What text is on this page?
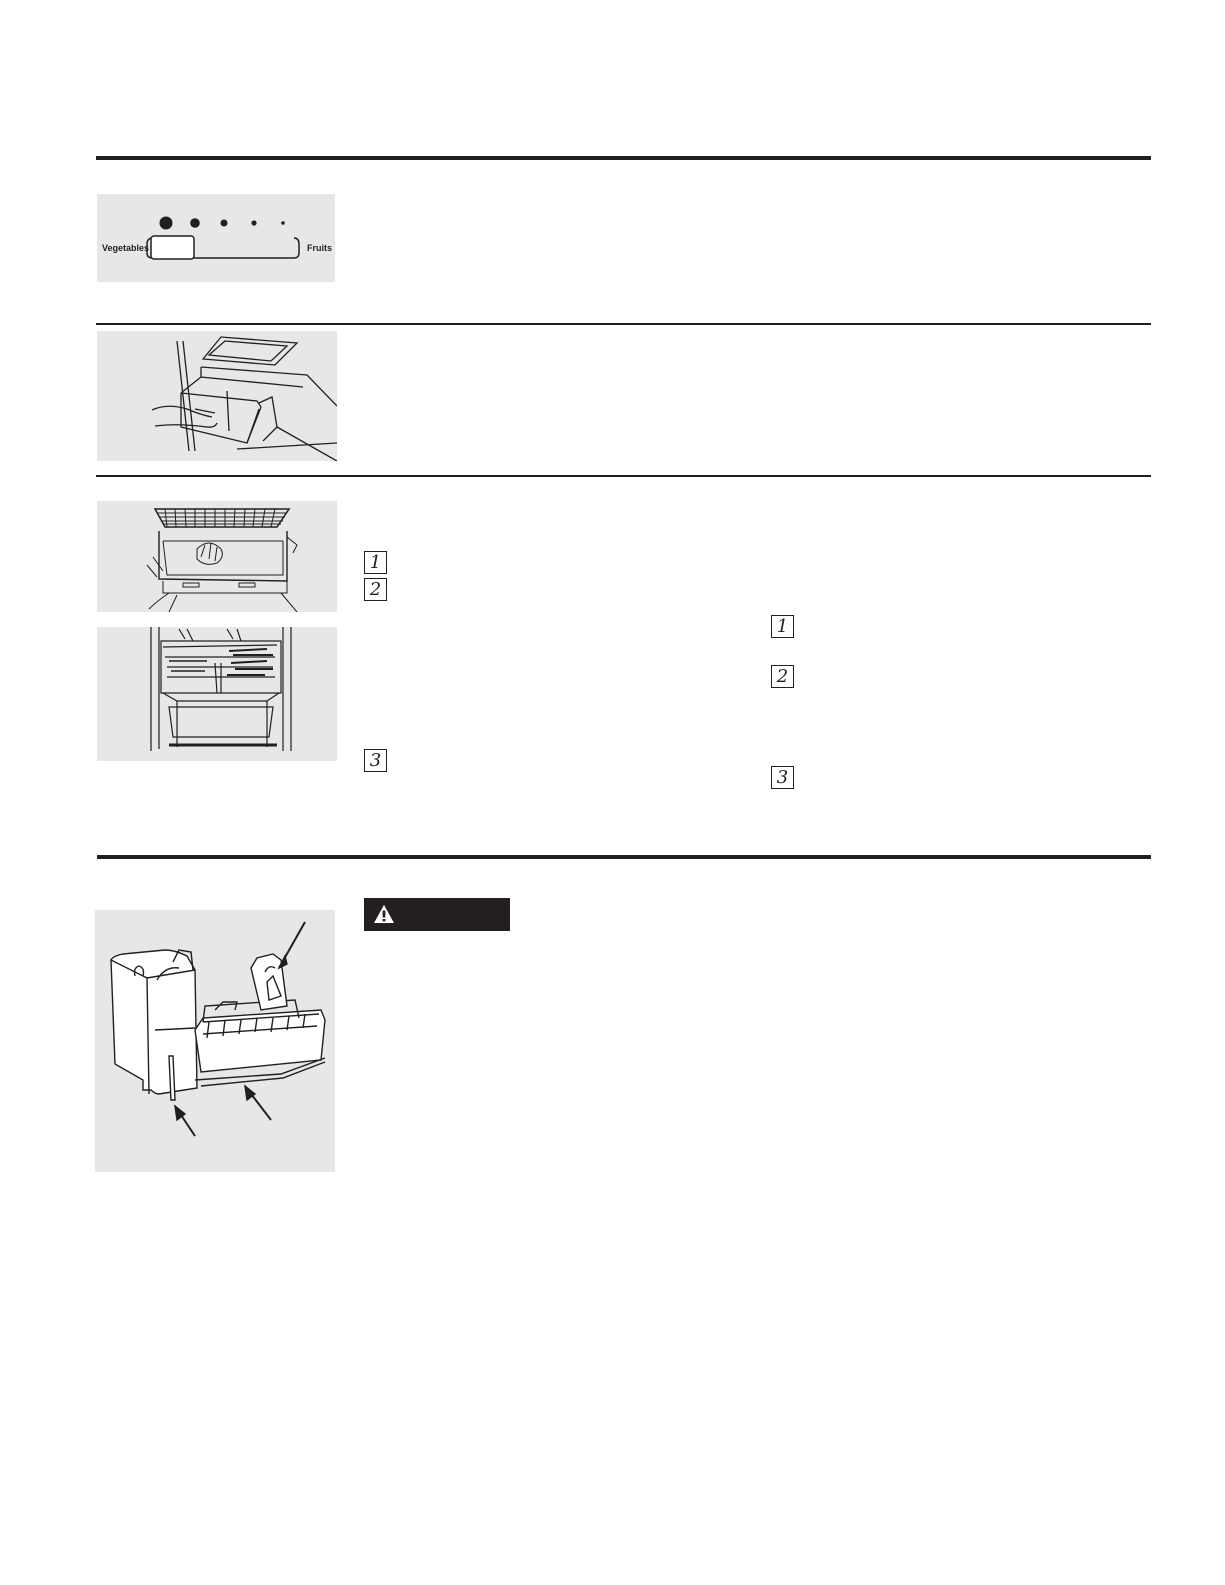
Vegetables	Fruits
1
2
3
1
2
3
